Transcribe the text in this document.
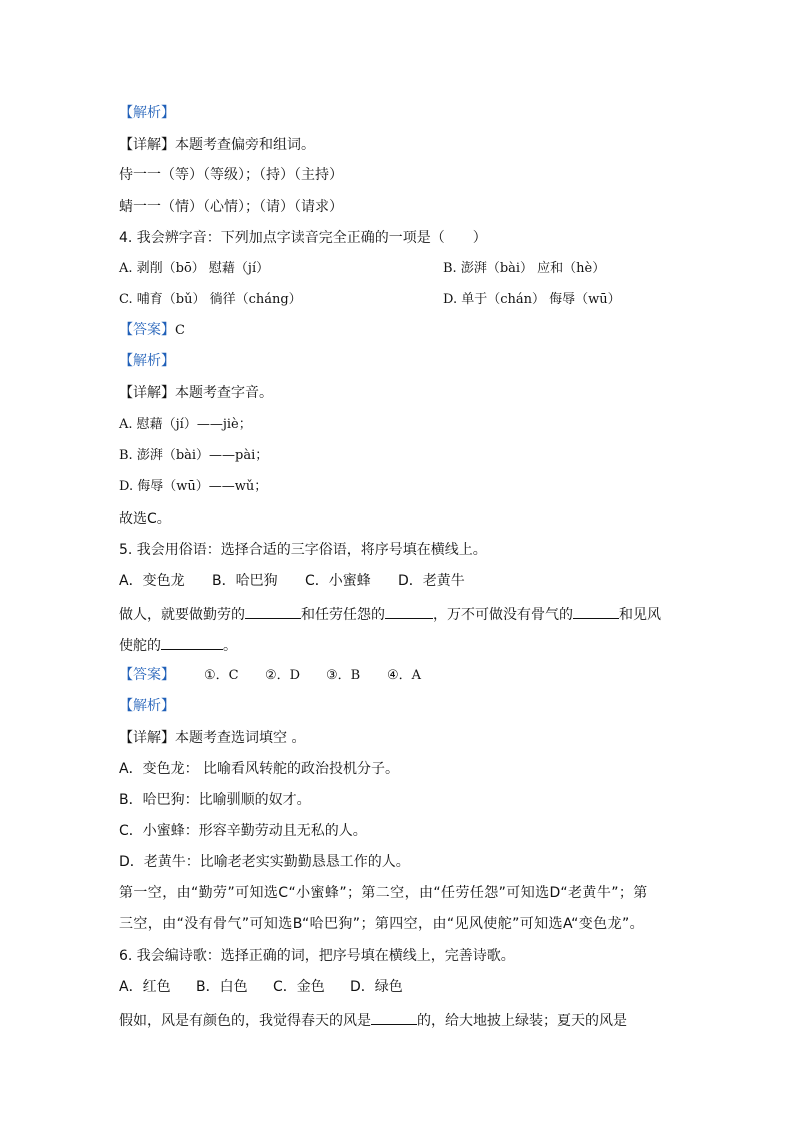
【解析】
【详解】本题考查偏旁和组词。
侍一一（等）（等级）；（持）（主持）
蜻一一（情）（心情）；（请）（请求）
4. 我会辨字音：下列加点字读音完全正确的一项是（　　）
A. 剥削（bō） 慰藉（jí）	B. 澎湃（bài） 应和（hè）
C. 哺育（bǔ） 徜徉（cháng）	D. 单于（chán） 侮辱（wū）
【答案】C
【解析】
【详解】本题考查字音。
A. 慰藉（jí）——jiè；
B. 澎湃（bài）——pài；
D. 侮辱（wū）——wǔ；
故选C。
5. 我会用俗语：选择合适的三字俗语，将序号填在横线上。
A．变色龙 B．哈巴狗 C．小蜜蜂 D．老黄牛
做人，就要做勤劳的	和任劳任怨的	，万不可做没有骨气的	和见风
使舵的	。
【答案】 ①．C ②．D ③．B ④．A
【解析】
【详解】本题考查选词填空 。
A．变色龙： 比喻看风转舵的政治投机分子。
B．哈巴狗：比喻驯顺的奴才。
C．小蜜蜂：形容辛勤劳动且无私的人。
D．老黄牛：比喻老老实实勤勤恳恳工作的人。
第一空，由“勤劳”可知选C“小蜜蜂”；第二空，由“任劳任怨”可知选D“老黄牛”；第
三空，由“没有骨气”可知选B“哈巴狗”；第四空，由“见风使舵”可知选A“变色龙”。
6. 我会编诗歌：选择正确的词，把序号填在横线上，完善诗歌。
A．红色 B．白色 C．金色 D．绿色
假如，风是有颜色的，我觉得春天的风是	的，给大地披上绿装；夏天的风是
